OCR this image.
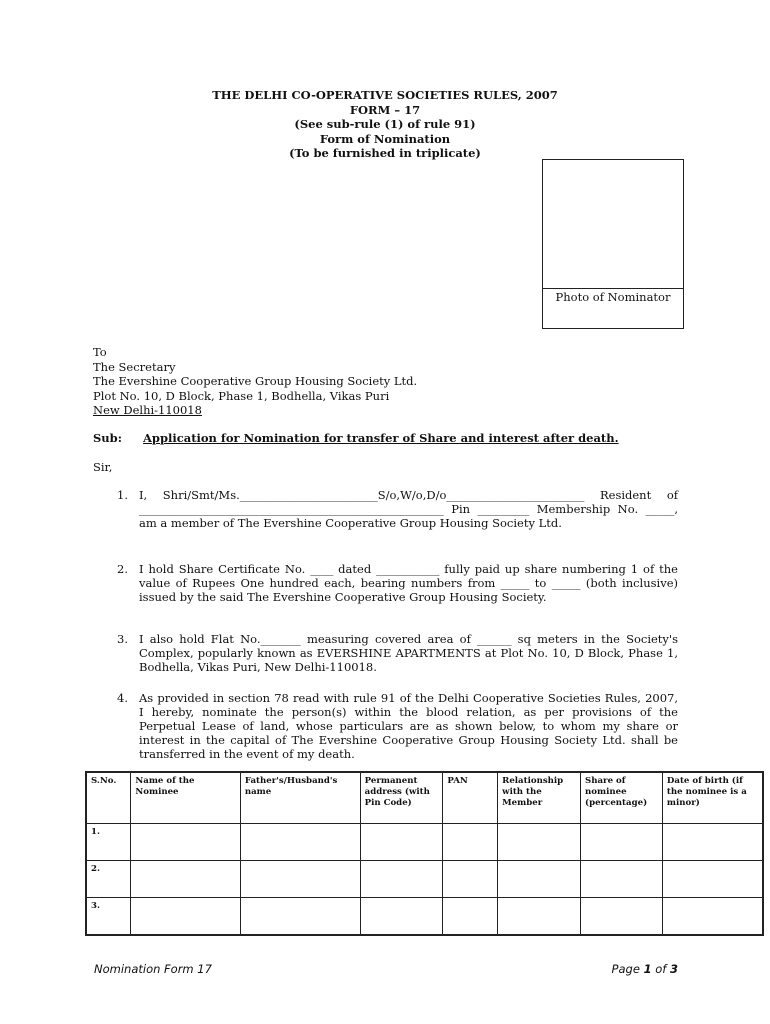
THE DELHI CO-OPERATIVE SOCIETIES RULES, 2007
FORM – 17
(See sub-rule (1) of rule 91)
Form of Nomination
(To be furnished in triplicate)
Photo of Nominator
To
The Secretary
The Evershine Cooperative Group Housing Society Ltd.
Plot No. 10, D Block, Phase 1, Bodhella, Vikas Puri
New Delhi-110018
Sub: Application for Nomination for transfer of Share and interest after death.
Sir,
1. I, Shri/Smt/Ms.________________________S/o,W/o,D/o________________________ Resident of _____________________________________________________ Pin _________ Membership No. _____, am a member of The Evershine Cooperative Group Housing Society Ltd.
2. I hold Share Certificate No. ____ dated ___________ fully paid up share numbering 1 of the value of Rupees One hundred each, bearing numbers from _____ to _____ (both inclusive) issued by the said The Evershine Cooperative Group Housing Society.
3. I also hold Flat No._______ measuring covered area of ______ sq meters in the Society's Complex, popularly known as EVERSHINE APARTMENTS at Plot No. 10, D Block, Phase 1, Bodhella, Vikas Puri, New Delhi-110018.
4. As provided in section 78 read with rule 91 of the Delhi Cooperative Societies Rules, 2007, I hereby, nominate the person(s) within the blood relation, as per provisions of the Perpetual Lease of land, whose particulars are as shown below, to whom my share or interest in the capital of The Evershine Cooperative Group Housing Society Ltd. shall be transferred in the event of my death.
S.No.	Name of the Nominee	Father's/Husband's name	Permanent address (with Pin Code)	PAN	Relationship with the Member	Share of nominee (percentage)	Date of birth (if the nominee is a minor)
1.							
2.							
3.							
Nomination Form 17	Page 1 of 3
